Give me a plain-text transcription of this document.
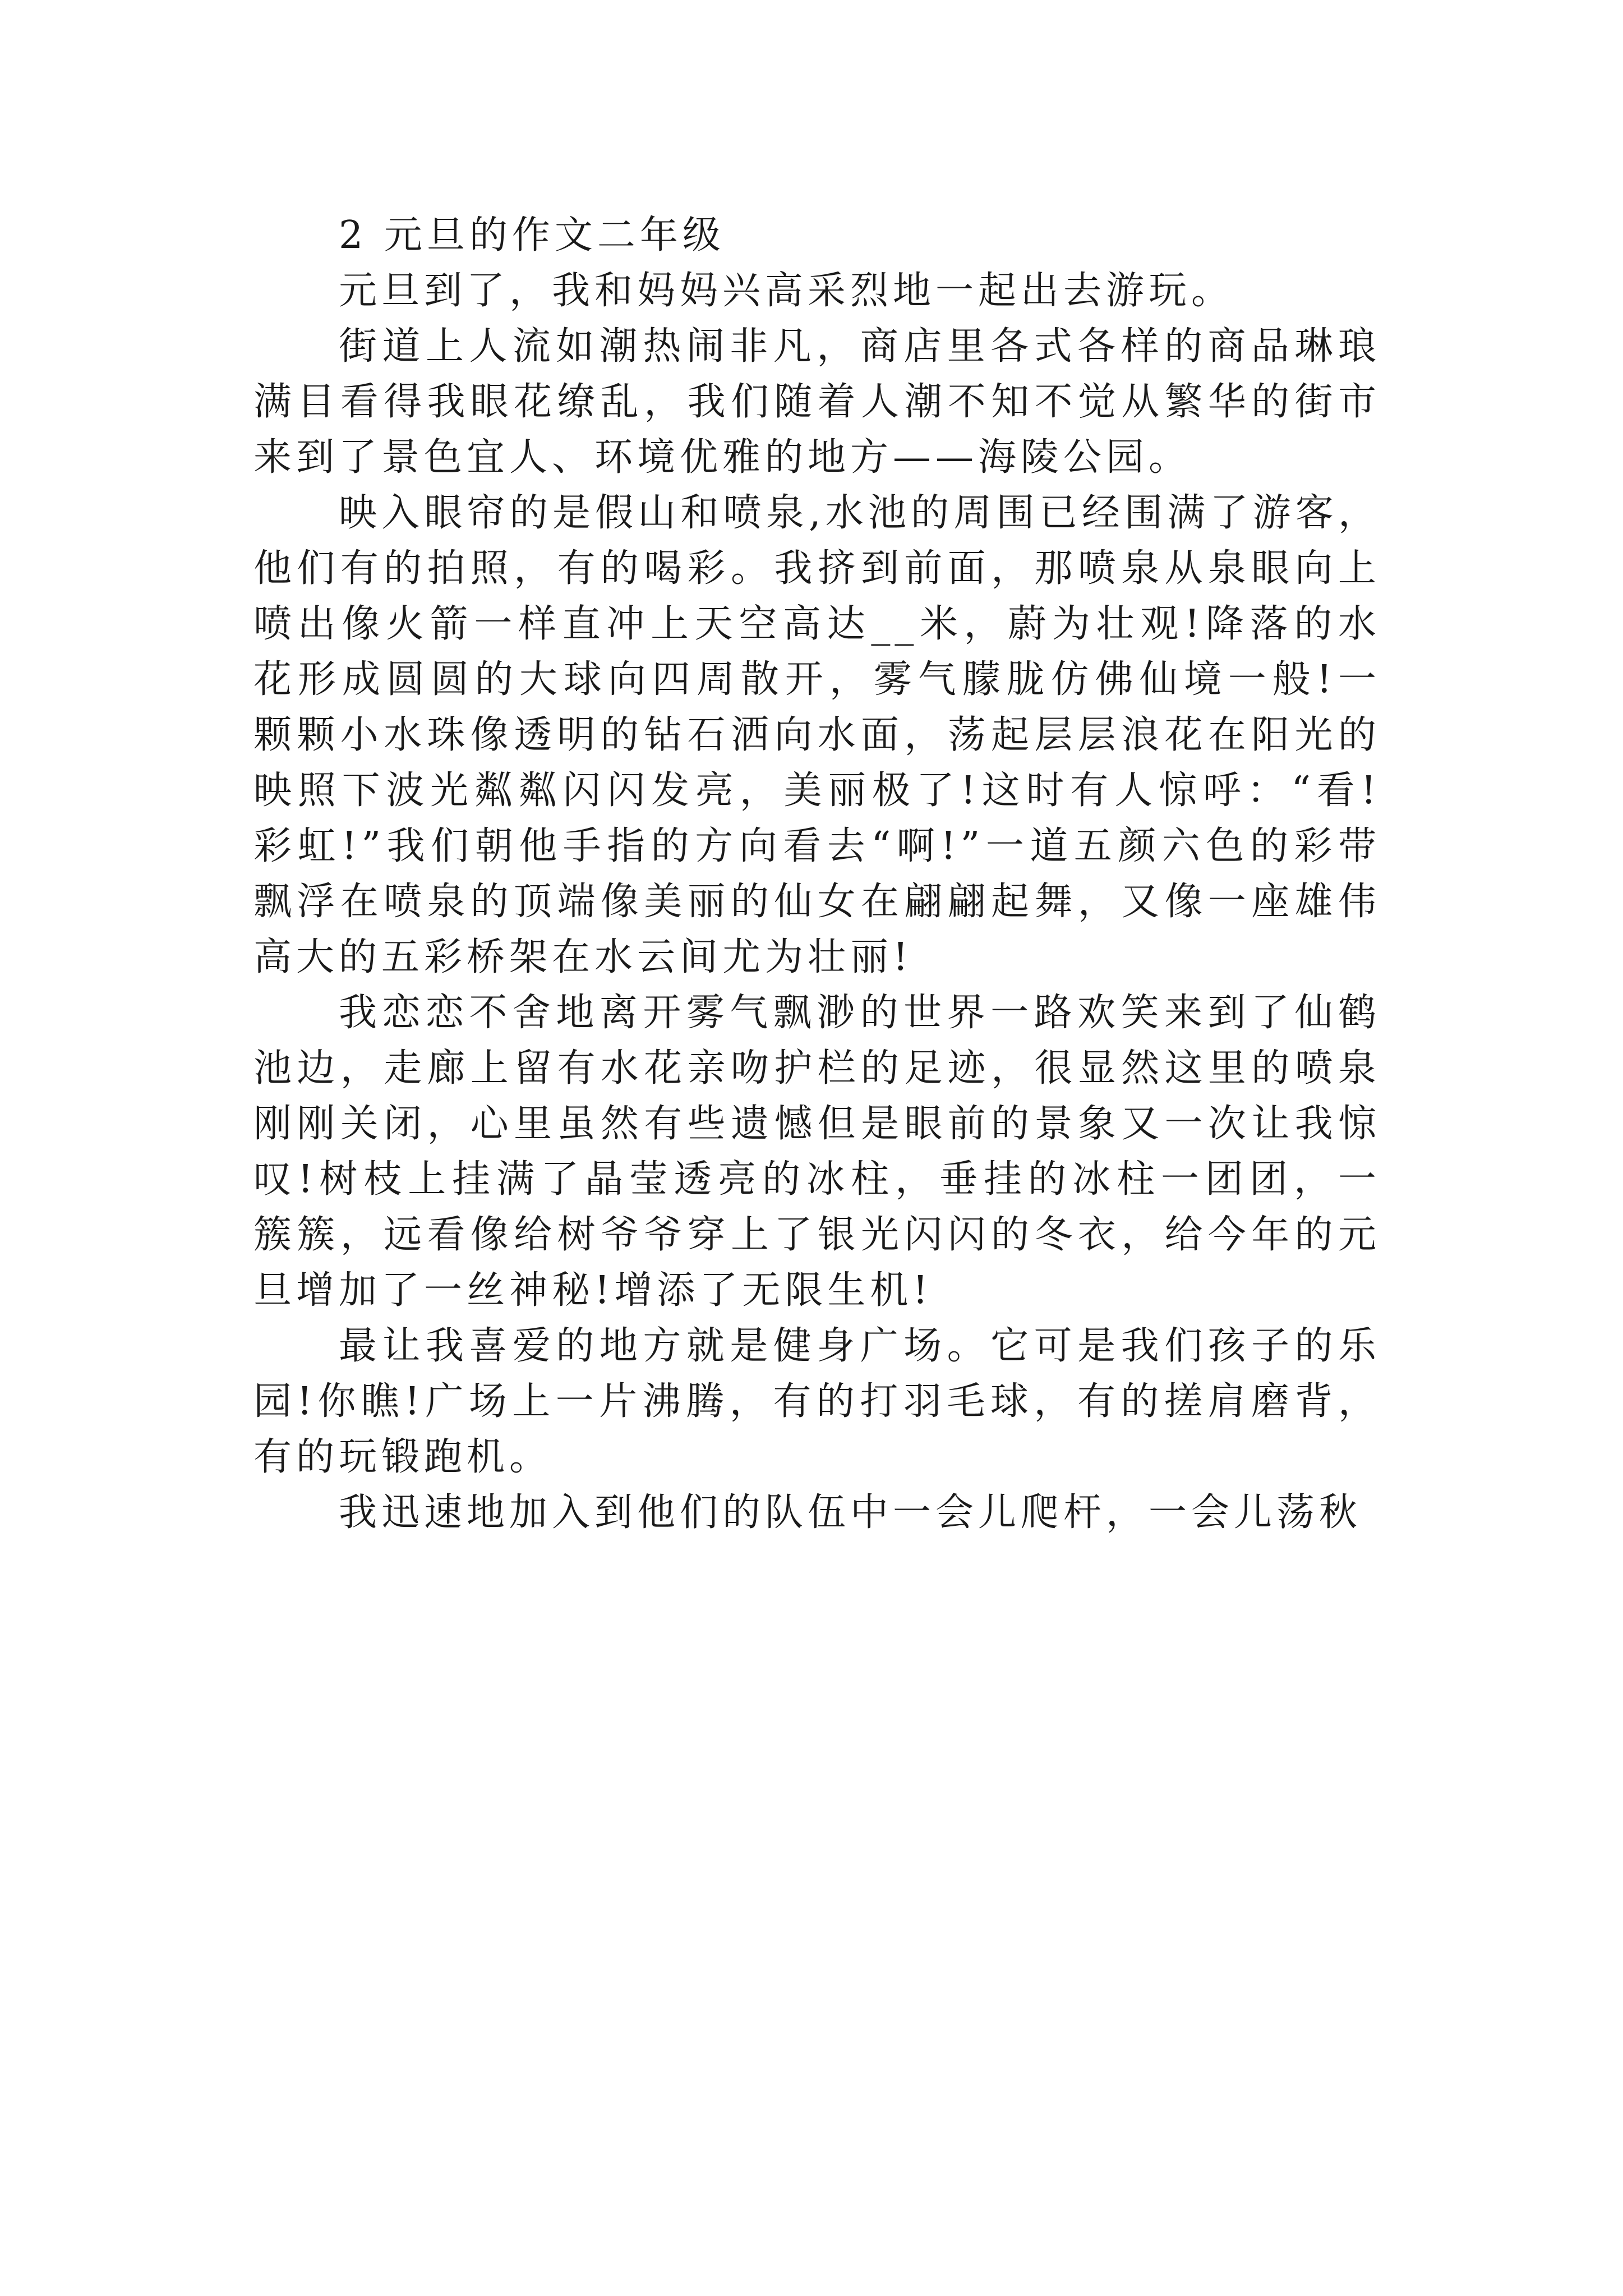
2 元旦的作文二年级

元旦到了，我和妈妈兴高采烈地一起出去游玩。

街道上人流如潮热闹非凡，商店里各式各样的商品琳琅满目看得我眼花缭乱，我们随着人潮不知不觉从繁华的街市来到了景色宜人、环境优雅的地方——海陵公园。

映入眼帘的是假山和喷泉,水池的周围已经围满了游客，他们有的拍照，有的喝彩。我挤到前面，那喷泉从泉眼向上喷出像火箭一样直冲上天空高达__米，蔚为壮观!降落的水花形成圆圆的大球向四周散开，雾气朦胧仿佛仙境一般!一颗颗小水珠像透明的钻石洒向水面，荡起层层浪花在阳光的映照下波光粼粼闪闪发亮，美丽极了!这时有人惊呼：“看!彩虹!”我们朝他手指的方向看去“啊!”一道五颜六色的彩带飘浮在喷泉的顶端像美丽的仙女在翩翩起舞，又像一座雄伟高大的五彩桥架在水云间尤为壮丽!

我恋恋不舍地离开雾气飘渺的世界一路欢笑来到了仙鹤池边，走廊上留有水花亲吻护栏的足迹，很显然这里的喷泉刚刚关闭，心里虽然有些遗憾但是眼前的景象又一次让我惊叹!树枝上挂满了晶莹透亮的冰柱，垂挂的冰柱一团团，一簇簇，远看像给树爷爷穿上了银光闪闪的冬衣，给今年的元旦增加了一丝神秘!增添了无限生机!

最让我喜爱的地方就是健身广场。它可是我们孩子的乐园!你瞧!广场上一片沸腾，有的打羽毛球，有的搓肩磨背，有的玩锻跑机。

我迅速地加入到他们的队伍中一会儿爬杆，一会儿荡秋
